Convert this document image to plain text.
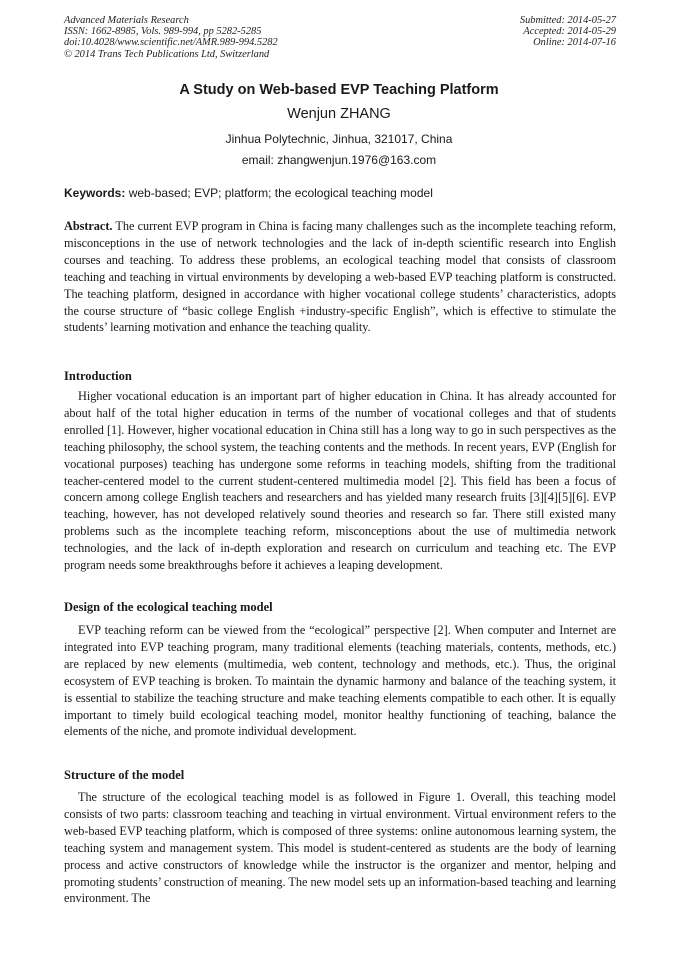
Advanced Materials Research
ISSN: 1662-8985, Vols. 989-994, pp 5282-5285
doi:10.4028/www.scientific.net/AMR.989-994.5282
© 2014 Trans Tech Publications Ltd, Switzerland
Submitted: 2014-05-27
Accepted: 2014-05-29
Online: 2014-07-16
A Study on Web-based EVP Teaching Platform
Wenjun ZHANG
Jinhua Polytechnic, Jinhua, 321017, China
email: zhangwenjun.1976@163.com
Keywords: web-based; EVP; platform; the ecological teaching model
Abstract. The current EVP program in China is facing many challenges such as the incomplete teaching reform, misconceptions in the use of network technologies and the lack of in-depth scientific research into English courses and teaching. To address these problems, an ecological teaching model that consists of classroom teaching and teaching in virtual environments by developing a web-based EVP teaching platform is constructed. The teaching platform, designed in accordance with higher vocational college students’ characteristics, adopts the course structure of “basic college English +industry-specific English”, which is effective to stimulate the students’ learning motivation and enhance the teaching quality.
Introduction
Higher vocational education is an important part of higher education in China. It has already accounted for about half of the total higher education in terms of the number of vocational colleges and that of students enrolled [1]. However, higher vocational education in China still has a long way to go in such perspectives as the teaching philosophy, the school system, the teaching contents and the methods. In recent years, EVP (English for vocational purposes) teaching has undergone some reforms in teaching models, shifting from the traditional teacher-centered model to the current student-centered multimedia model [2]. This field has been a focus of concern among college English teachers and researchers and has yielded many research fruits [3][4][5][6]. EVP teaching, however, has not developed relatively sound theories and research so far. There still existed many problems such as the incomplete teaching reform, misconceptions about the use of multimedia network technologies, and the lack of in-depth exploration and research on curriculum and teaching etc. The EVP program needs some breakthroughs before it achieves a leaping development.
Design of the ecological teaching model
EVP teaching reform can be viewed from the “ecological” perspective [2]. When computer and Internet are integrated into EVP teaching program, many traditional elements (teaching materials, contents, methods, etc.) are replaced by new elements (multimedia, web content, technology and methods, etc.). Thus, the original ecosystem of EVP teaching is broken. To maintain the dynamic harmony and balance of the teaching system, it is essential to stabilize the teaching structure and make teaching elements compatible to each other. It is equally important to timely build ecological teaching model, monitor healthy functioning of teaching, balance the elements of the niche, and promote individual development.
Structure of the model
The structure of the ecological teaching model is as followed in Figure 1. Overall, this teaching model consists of two parts: classroom teaching and teaching in virtual environment. Virtual environment refers to the web-based EVP teaching platform, which is composed of three systems: online autonomous learning system, the teaching system and management system. This model is student-centered as students are the body of learning process and active constructors of knowledge while the instructor is the organizer and mentor, helping and promoting students’ construction of meaning. The new model sets up an information-based teaching and learning environment. The
